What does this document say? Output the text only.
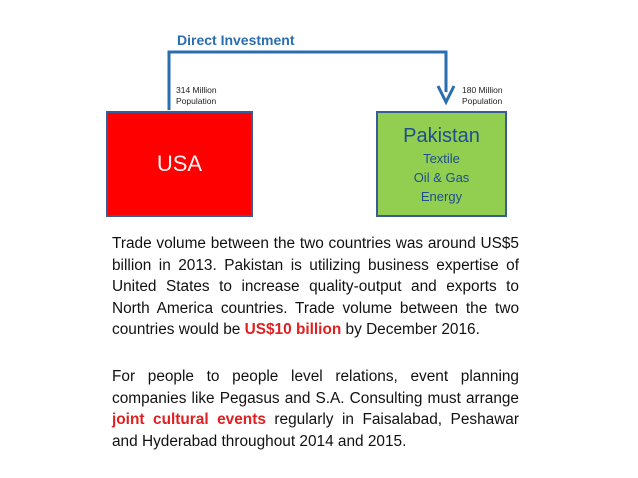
Direct Investment
314 Million
Population
180 Million
Population
USA
Pakistan
Textile
Oil & Gas
Energy

Trade volume between the two countries was around US$5 billion in 2013. Pakistan is utilizing business expertise of United States to increase quality-output and exports to North America countries. Trade volume between the two countries would be US$10 billion by December 2016.

For people to people level relations, event planning companies like Pegasus and S.A. Consulting must arrange joint cultural events regularly in Faisalabad, Peshawar and Hyderabad throughout 2014 and 2015.
